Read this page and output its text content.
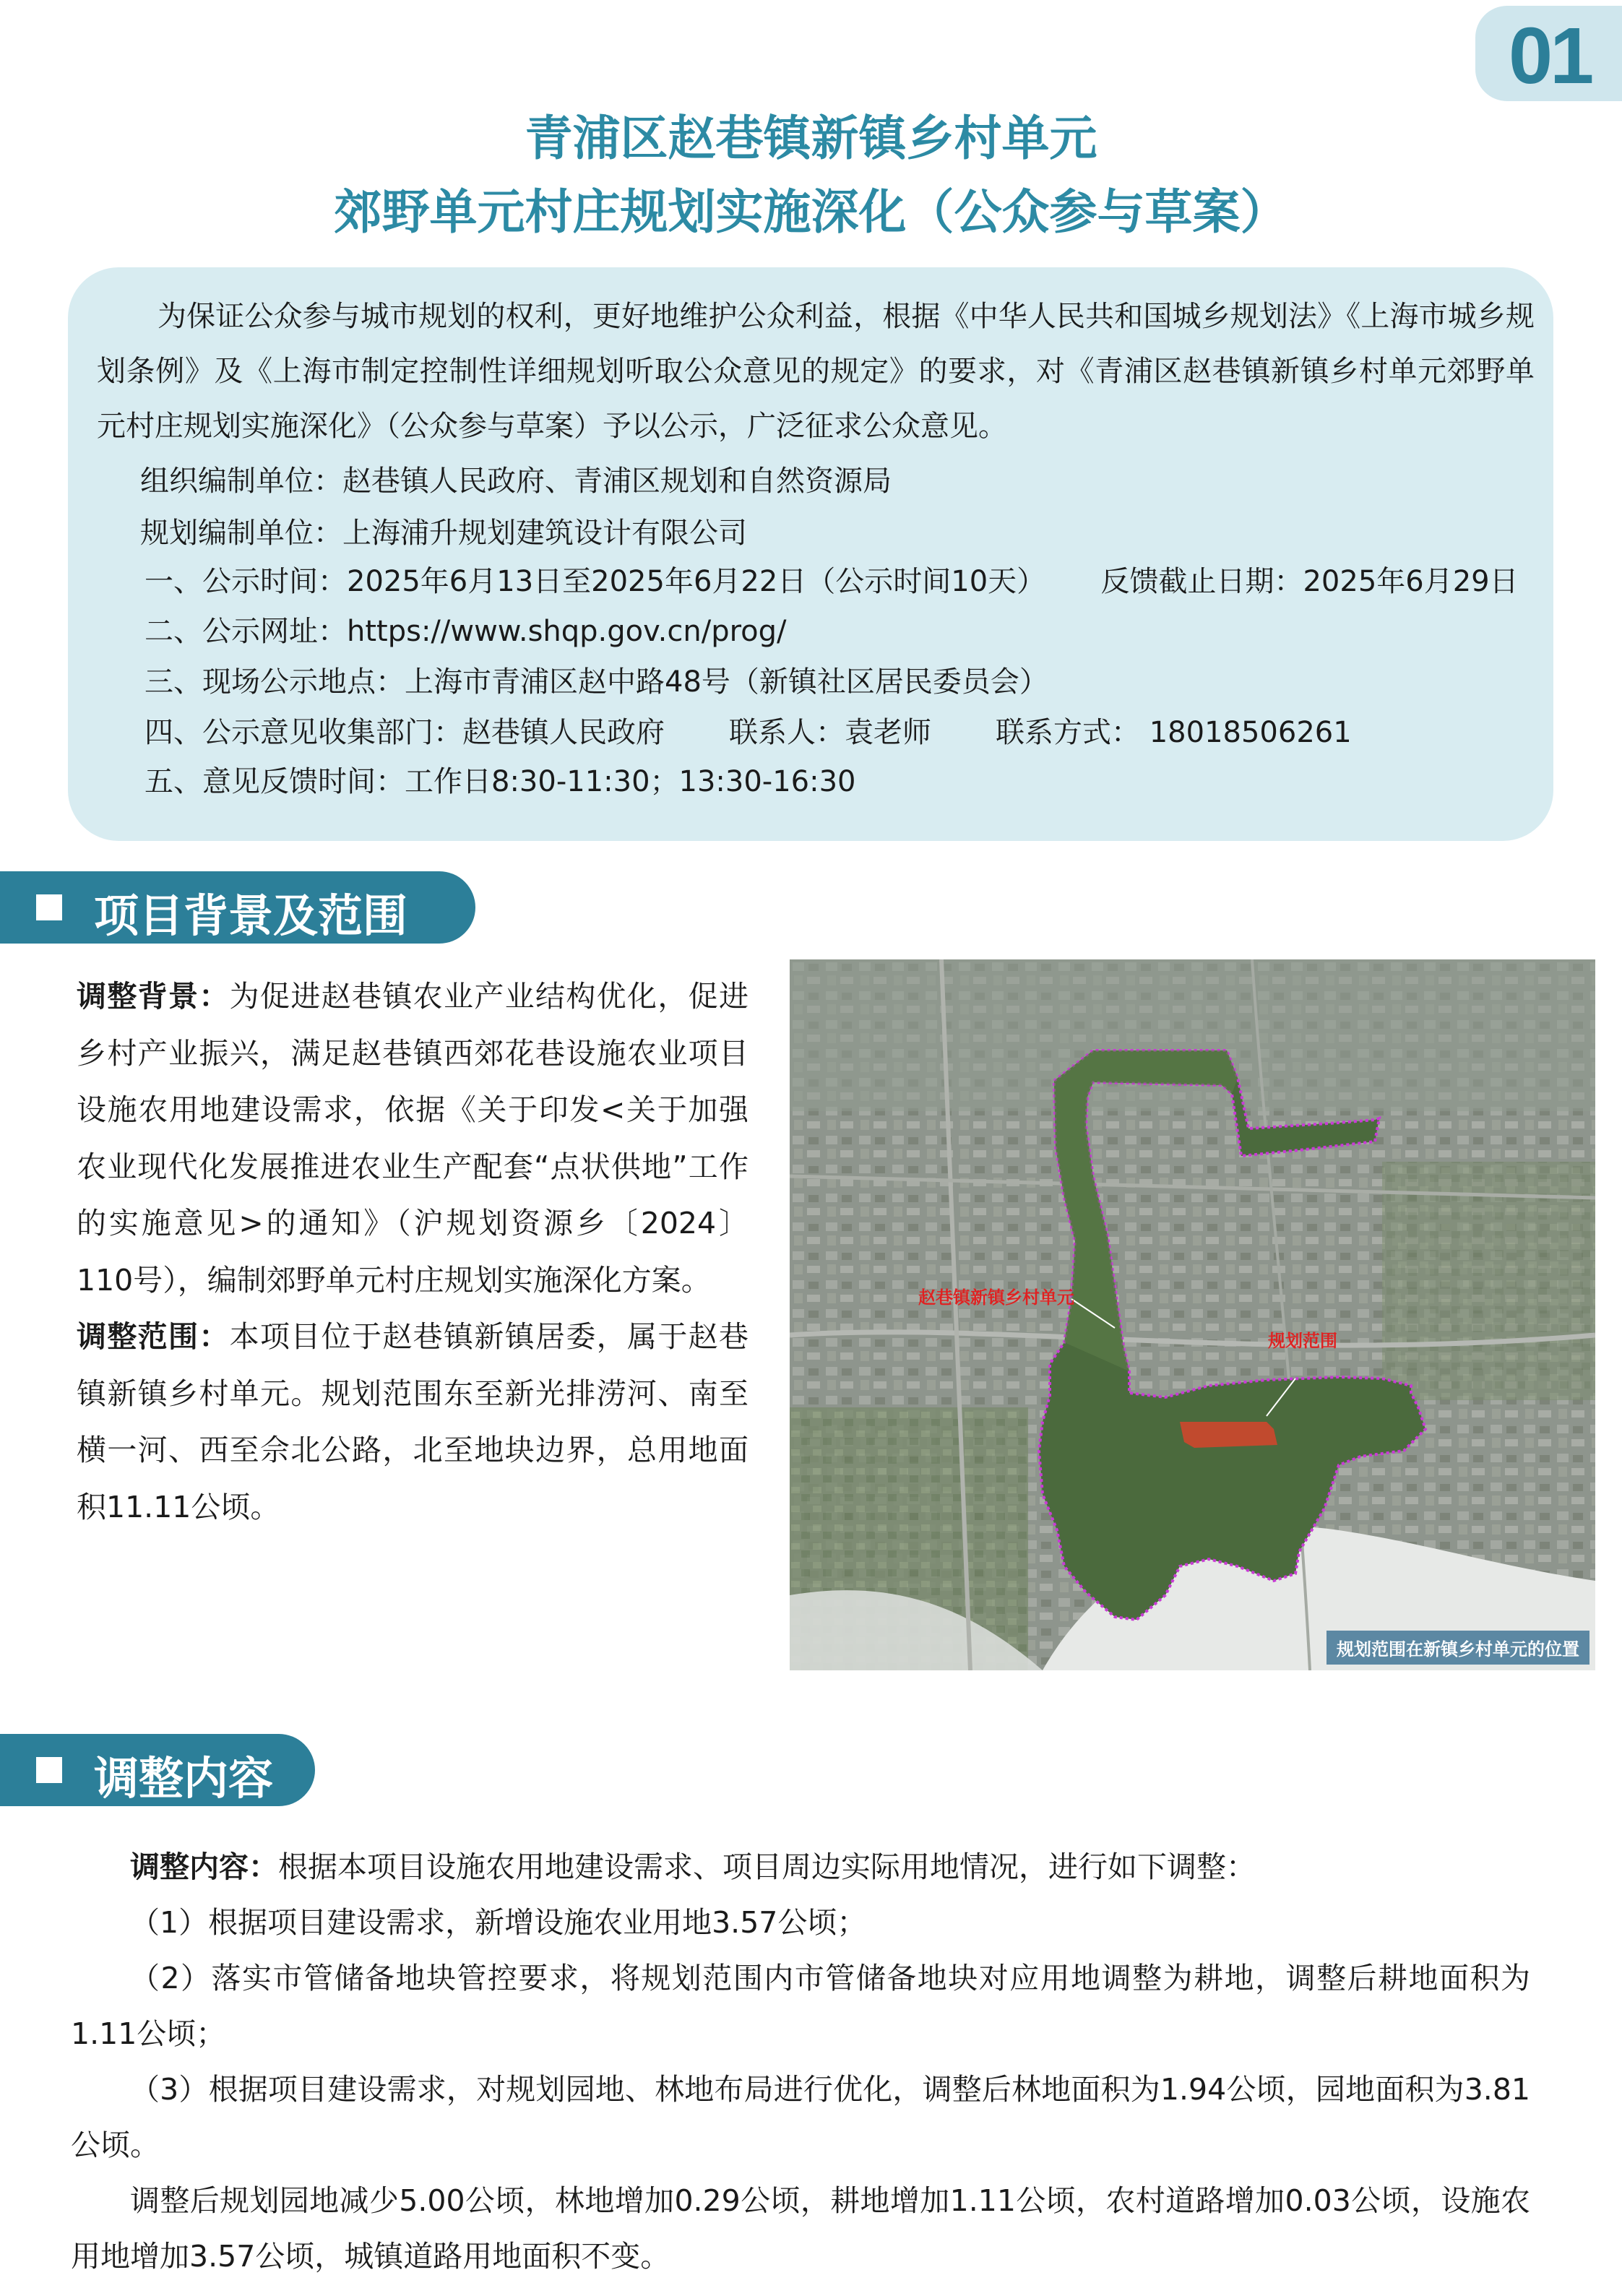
01
青浦区赵巷镇新镇乡村单元
郊野单元村庄规划实施深化（公众参与草案）

为保证公众参与城市规划的权利，更好地维护公众利益，根据《中华人民共和国城乡规划法》《上海市城乡规划条例》及《上海市制定控制性详细规划听取公众意见的规定》的要求，对《青浦区赵巷镇新镇乡村单元郊野单元村庄规划实施深化》（公众参与草案）予以公示，广泛征求公众意见。

组织编制单位：赵巷镇人民政府、青浦区规划和自然资源局

规划编制单位：上海浦升规划建筑设计有限公司

一、公示时间：2025年6月13日至2025年6月22日（公示时间10天）      反馈截止日期：2025年6月29日

二、公示网址：https://www.shqp.gov.cn/prog/

三、现场公示地点：上海市青浦区赵中路48号（新镇社区居民委员会）

四、公示意见收集部门：赵巷镇人民政府       联系人：袁老师       联系方式： 18018506261

五、意见反馈时间：工作日8:30-11:30；13:30-16:30

项目背景及范围

调整背景：为促进赵巷镇农业产业结构优化，促进乡村产业振兴，满足赵巷镇西郊花巷设施农业项目设施农用地建设需求，依据《关于印发<关于加强农业现代化发展推进农业生产配套“点状供地”工作的实施意见>的通知》（沪规划资源乡〔2024〕110号），编制郊野单元村庄规划实施深化方案。

调整范围：本项目位于赵巷镇新镇居委，属于赵巷镇新镇乡村单元。规划范围东至新光排涝河、南至横一河、西至佘北公路，北至地块边界，总用地面积11.11公顷。

赵巷镇新镇乡村单元
规划范围
规划范围在新镇乡村单元的位置
调整内容

调整内容：根据本项目设施农用地建设需求、项目周边实际用地情况，进行如下调整：

（1）根据项目建设需求，新增设施农业用地3.57公顷；

（2）落实市管储备地块管控要求，将规划范围内市管储备地块对应用地调整为耕地，调整后耕地面积为1.11公顷；

（3）根据项目建设需求，对规划园地、林地布局进行优化，调整后林地面积为1.94公顷，园地面积为3.81公顷。

调整后规划园地减少5.00公顷，林地增加0.29公顷，耕地增加1.11公顷，农村道路增加0.03公顷，设施农用地增加3.57公顷，城镇道路用地面积不变。
